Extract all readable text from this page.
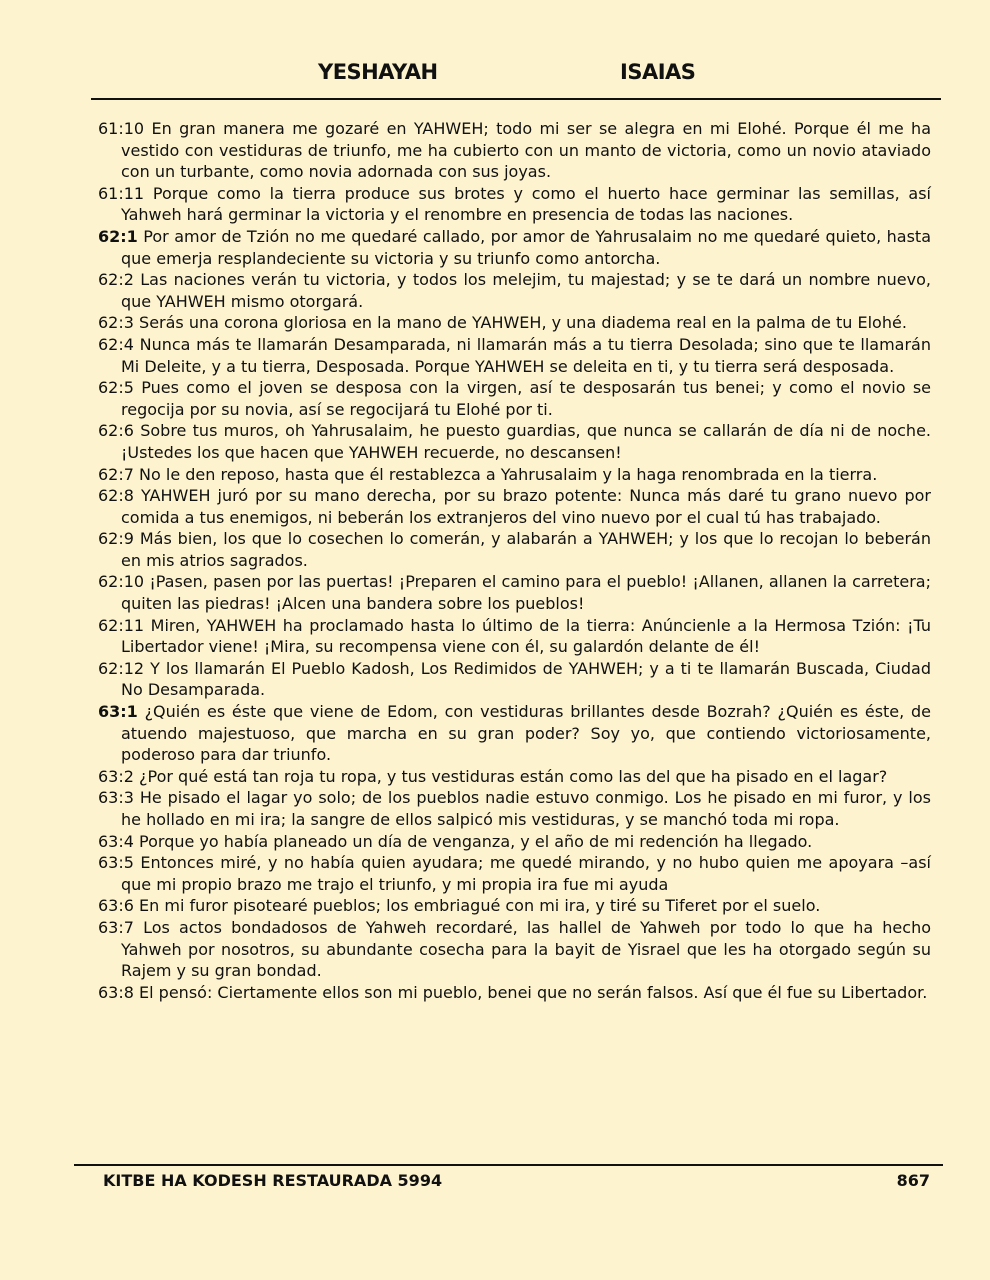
YESHAYAH	ISAIAS

61:10 En gran manera me gozaré en YAHWEH; todo mi ser se alegra en mi Elohé. Porque él me ha vestido con vestiduras de triunfo, me ha cubierto con un manto de victoria, como un novio ataviado con un turbante, como novia adornada con sus joyas.

61:11 Porque como la tierra produce sus brotes y como el huerto hace germinar las semillas, así Yahweh hará germinar la victoria y el renombre en presencia de todas las naciones.

62:1 Por amor de Tzión no me quedaré callado, por amor de Yahrusalaim no me quedaré quieto, hasta que emerja resplandeciente su victoria y su triunfo como antorcha.

62:2 Las naciones verán tu victoria, y todos los melejim, tu majestad; y se te dará un nombre nuevo, que YAHWEH mismo otorgará.

62:3 Serás una corona gloriosa en la mano de YAHWEH, y una diadema real en la palma de tu Elohé.

62:4 Nunca más te llamarán Desamparada, ni llamarán más a tu tierra Desolada; sino que te llamarán Mi Deleite, y a tu tierra, Desposada. Porque YAHWEH se deleita en ti, y tu tierra será desposada.

62:5 Pues como el joven se desposa con la virgen, así te desposarán tus benei; y como el novio se regocija por su novia, así se regocijará tu Elohé por ti.

62:6 Sobre tus muros, oh Yahrusalaim, he puesto guardias, que nunca se callarán de día ni de noche. ¡Ustedes los que hacen que YAHWEH recuerde, no descansen!

62:7 No le den reposo, hasta que él restablezca a Yahrusalaim y la haga renombrada en la tierra.

62:8 YAHWEH juró por su mano derecha, por su brazo potente: Nunca más daré tu grano nuevo por comida a tus enemigos, ni beberán los extranjeros del vino nuevo por el cual tú has trabajado.

62:9 Más bien, los que lo cosechen lo comerán, y alabarán a YAHWEH; y los que lo recojan lo beberán en mis atrios sagrados.

62:10 ¡Pasen, pasen por las puertas! ¡Preparen el camino para el pueblo! ¡Allanen, allanen la carretera; quiten las piedras! ¡Alcen una bandera sobre los pueblos!

62:11 Miren, YAHWEH ha proclamado hasta lo último de la tierra: Anúncienle a la Hermosa Tzión: ¡Tu Libertador viene! ¡Mira, su recompensa viene con él, su galardón delante de él!

62:12 Y los llamarán El Pueblo Kadosh, Los Redimidos de YAHWEH; y a ti te llamarán Buscada, Ciudad No Desamparada.

63:1 ¿Quién es éste que viene de Edom, con vestiduras brillantes desde Bozrah? ¿Quién es éste, de atuendo majestuoso, que marcha en su gran poder? Soy yo, que contiendo victoriosamente, poderoso para dar triunfo.

63:2 ¿Por qué está tan roja tu ropa, y tus vestiduras están como las del que ha pisado en el lagar?

63:3 He pisado el lagar yo solo; de los pueblos nadie estuvo conmigo. Los he pisado en mi furor, y los he hollado en mi ira; la sangre de ellos salpicó mis vestiduras, y se manchó toda mi ropa.

63:4 Porque yo había planeado un día de venganza, y el año de mi redención ha llegado.

63:5 Entonces miré, y no había quien ayudara; me quedé mirando, y no hubo quien me apoyara –así que mi propio brazo me trajo el triunfo, y mi propia ira fue mi ayuda

63:6 En mi furor pisotearé pueblos; los embriagué con mi ira, y tiré su Tiferet por el suelo.

63:7 Los actos bondadosos de Yahweh recordaré, las hallel de Yahweh por todo lo que ha hecho Yahweh por nosotros, su abundante cosecha para la bayit de Yisrael que les ha otorgado según su Rajem y su gran bondad.

63:8 El pensó: Ciertamente ellos son mi pueblo, benei que no serán falsos. Así que él fue su Libertador.

KITBE HA KODESH RESTAURADA 5994	867
